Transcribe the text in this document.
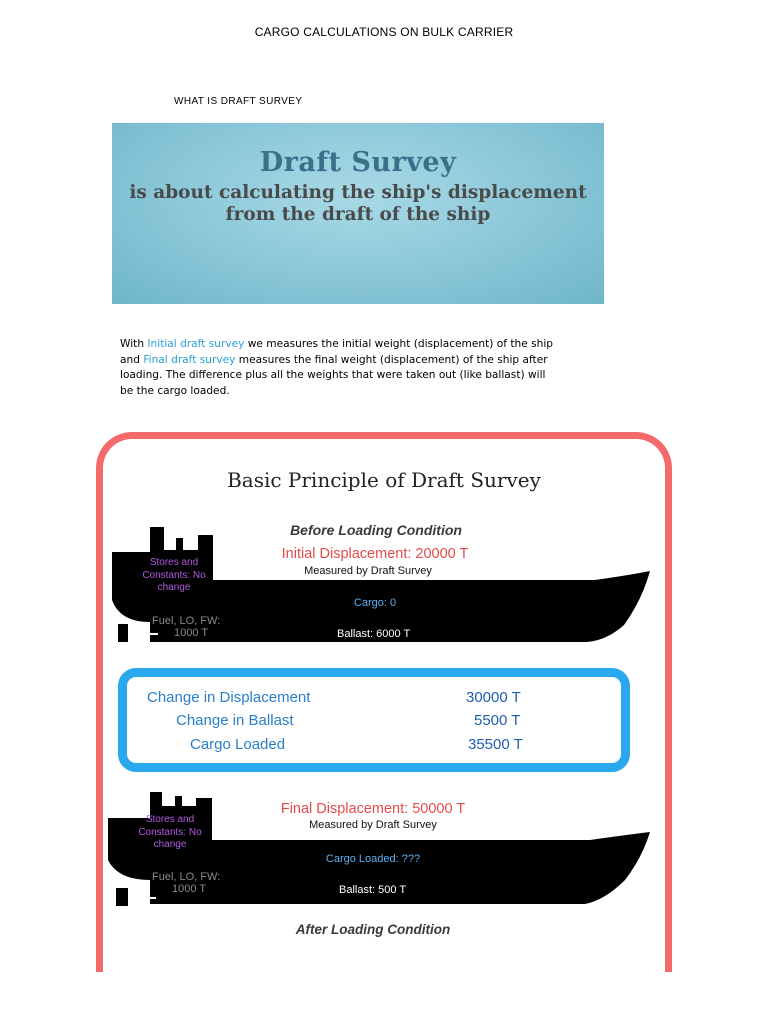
CARGO CALCULATIONS ON BULK CARRIER
WHAT IS DRAFT SURVEY
Draft Survey
is about calculating the ship's displacement from the draft of the ship
With Initial draft survey we measures the initial weight (displacement) of the ship and Final draft survey measures the final weight (displacement) of the ship after loading. The difference plus all the weights that were taken out (like ballast) will be the cargo loaded.
Basic Principle of Draft Survey
Before Loading Condition
Initial Displacement: 20000 T
Measured by Draft Survey
Stores and
Constants: No
change
Cargo: 0
Fuel, LO, FW:
1000 T	Ballast: 6000 T
Change in Displacement	30000 T
Change in Ballast	5500 T
Cargo Loaded	35500 T
Final Displacement: 50000 T
Measured by Draft Survey
Stores and
Constants: No
change
Cargo Loaded: ???
Fuel, LO, FW:
1000 T	Ballast: 500 T
After Loading Condition
